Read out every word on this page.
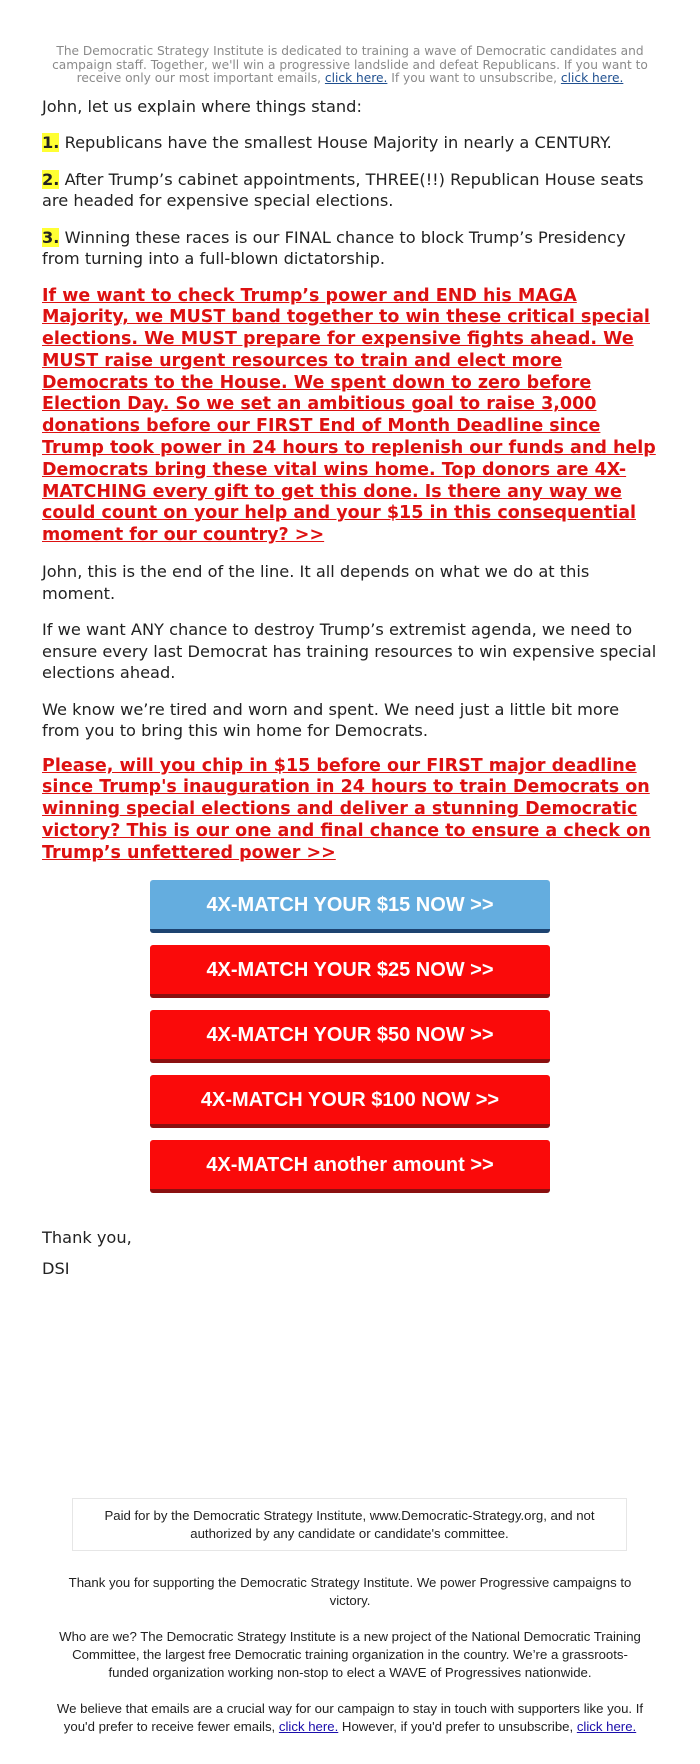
The Democratic Strategy Institute is dedicated to training a wave of Democratic candidates and campaign staff. Together, we'll win a progressive landslide and defeat Republicans. If you want to receive only our most important emails, click here. If you want to unsubscribe, click here.

John, let us explain where things stand:

1. Republicans have the smallest House Majority in nearly a CENTURY.

2. After Trump’s cabinet appointments, THREE(!!) Republican House seats are headed for expensive special elections.

3. Winning these races is our FINAL chance to block Trump’s Presidency from turning into a full-blown dictatorship.

If we want to check Trump’s power and END his MAGA Majority, we MUST band together to win these critical special elections. We MUST prepare for expensive fights ahead. We MUST raise urgent resources to train and elect more Democrats to the House. We spent down to zero before Election Day. So we set an ambitious goal to raise 3,000 donations before our FIRST End of Month Deadline since Trump took power in 24 hours to replenish our funds and help Democrats bring these vital wins home. Top donors are 4X-MATCHING every gift to get this done. Is there any way we could count on your help and your $15 in this consequential moment for our country? >>

John, this is the end of the line. It all depends on what we do at this moment.

If we want ANY chance to destroy Trump’s extremist agenda, we need to ensure every last Democrat has training resources to win expensive special elections ahead.

We know we’re tired and worn and spent. We need just a little bit more from you to bring this win home for Democrats.

Please, will you chip in $15 before our FIRST major deadline since Trump's inauguration in 24 hours to train Democrats on winning special elections and deliver a stunning Democratic victory? This is our one and final chance to ensure a check on Trump’s unfettered power >>

4X-MATCH YOUR $15 NOW >>
4X-MATCH YOUR $25 NOW >>
4X-MATCH YOUR $50 NOW >>
4X-MATCH YOUR $100 NOW >>
4X-MATCH another amount >>

Thank you,

DSI

Paid for by the Democratic Strategy Institute, www.Democratic-Strategy.org, and not authorized by any candidate or candidate's committee.

Thank you for supporting the Democratic Strategy Institute. We power Progressive campaigns to victory.

Who are we? The Democratic Strategy Institute is a new project of the National Democratic Training Committee, the largest free Democratic training organization in the country. We’re a grassroots-funded organization working non-stop to elect a WAVE of Progressives nationwide.

We believe that emails are a crucial way for our campaign to stay in touch with supporters like you. If you'd prefer to receive fewer emails, click here. However, if you'd prefer to unsubscribe, click here.
